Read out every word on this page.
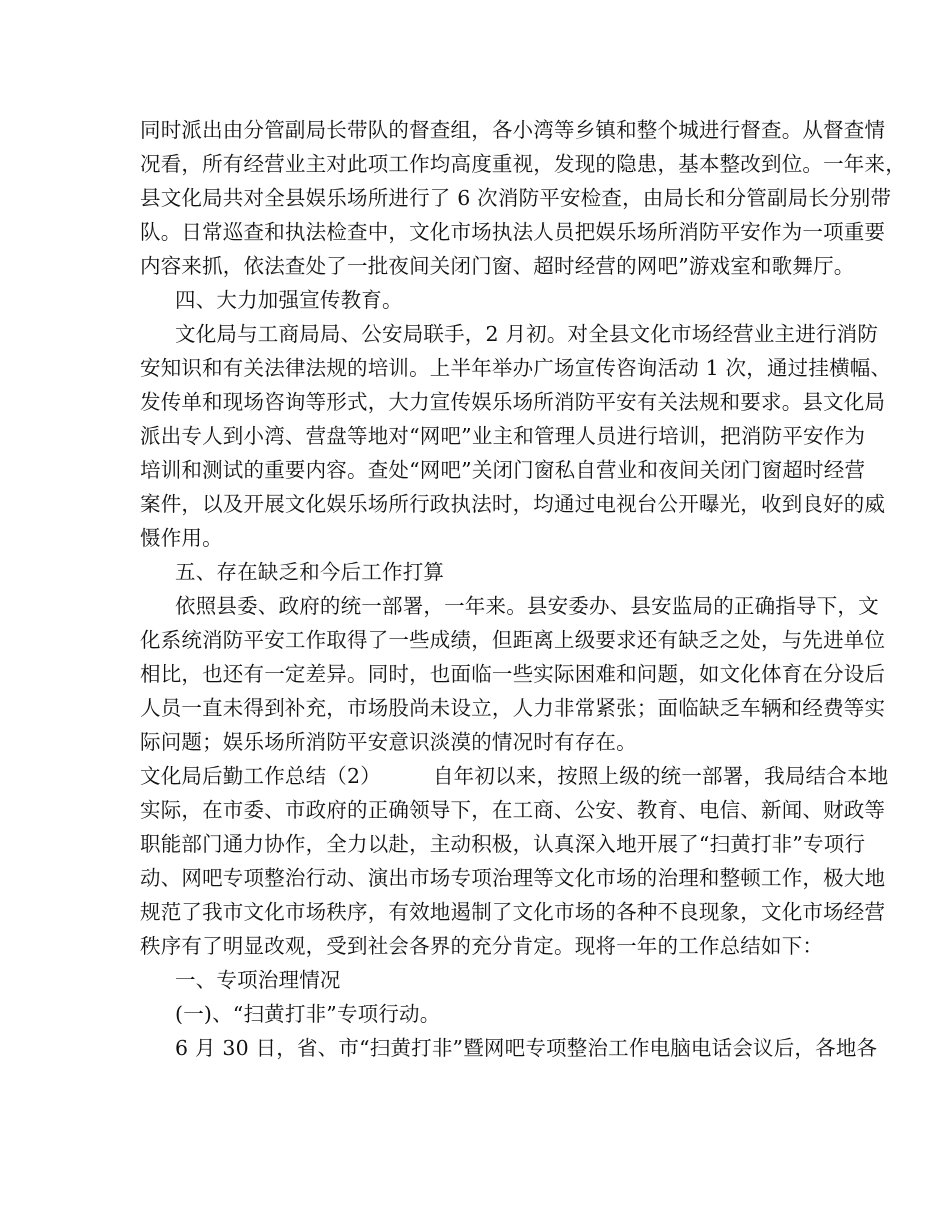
同时派出由分管副局长带队的督查组，各小湾等乡镇和整个城进行督查。从督查情
况看，所有经营业主对此项工作均高度重视，发现的隐患，基本整改到位。一年来，
县文化局共对全县娱乐场所进行了 6 次消防平安检查，由局长和分管副局长分别带
队。日常巡查和执法检查中，文化市场执法人员把娱乐场所消防平安作为一项重要
内容来抓，依法查处了一批夜间关闭门窗、超时经营的网吧”游戏室和歌舞厅。
四、大力加强宣传教育。
文化局与工商局局、公安局联手，2 月初。对全县文化市场经营业主进行消防
安知识和有关法律法规的培训。上半年举办广场宣传咨询活动 1 次，通过挂横幅、
发传单和现场咨询等形式，大力宣传娱乐场所消防平安有关法规和要求。县文化局
派出专人到小湾、营盘等地对“网吧”业主和管理人员进行培训，把消防平安作为
培训和测试的重要内容。查处“网吧”关闭门窗私自营业和夜间关闭门窗超时经营
案件，以及开展文化娱乐场所行政执法时，均通过电视台公开曝光，收到良好的威
慑作用。
五、存在缺乏和今后工作打算
依照县委、政府的统一部署，一年来。县安委办、县安监局的正确指导下，文
化系统消防平安工作取得了一些成绩，但距离上级要求还有缺乏之处，与先进单位
相比，也还有一定差异。同时，也面临一些实际困难和问题，如文化体育在分设后
人员一直未得到补充，市场股尚未设立，人力非常紧张；面临缺乏车辆和经费等实
际问题；娱乐场所消防平安意识淡漠的情况时有存在。
文化局后勤工作总结（2）	自年初以来，按照上级的统一部署，我局结合本地
实际，在市委、市政府的正确领导下，在工商、公安、教育、电信、新闻、财政等
职能部门通力协作，全力以赴，主动积极，认真深入地开展了“扫黄打非”专项行
动、网吧专项整治行动、演出市场专项治理等文化市场的治理和整顿工作，极大地
规范了我市文化市场秩序，有效地遏制了文化市场的各种不良现象，文化市场经营
秩序有了明显改观，受到社会各界的充分肯定。现将一年的工作总结如下：
一、专项治理情况
(一)、“扫黄打非”专项行动。
6 月 30 日，省、市“扫黄打非”暨网吧专项整治工作电脑电话会议后，各地各
